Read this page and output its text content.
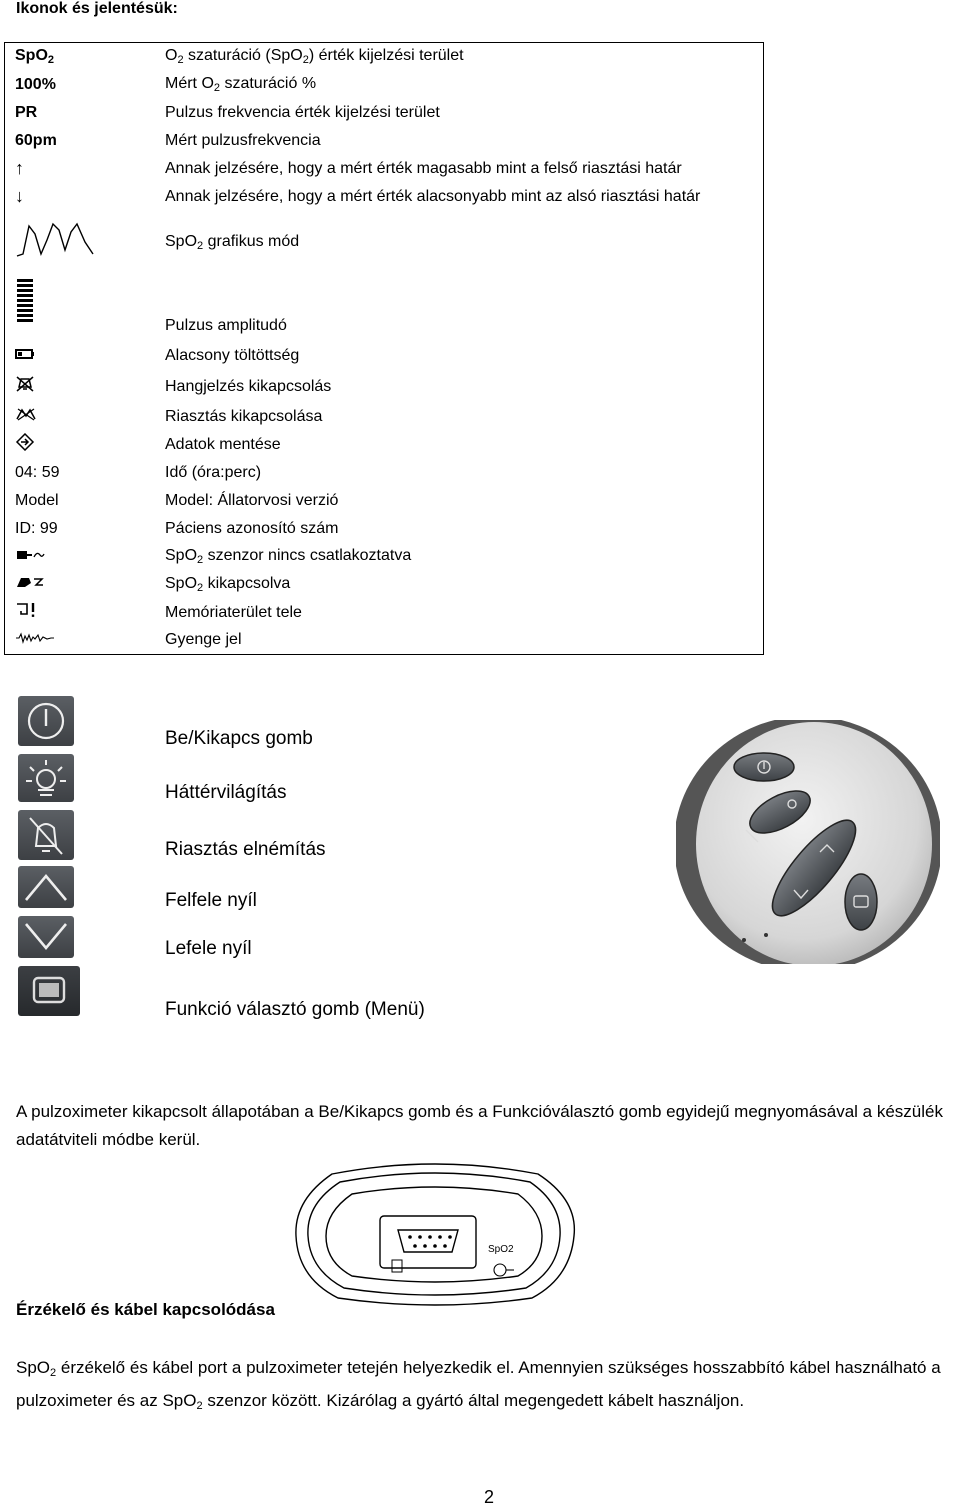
Ikonok és jelentésük:
SpO$_2$	$O_2$ szaturáció (SpO$_2$) érték kijelzési terület
100%	Mért $O_2$ szaturáció %
PR	Pulzus frekvencia érték kijelzési terület
60pm	Mért pulzusfrekvencia
↑	Annak jelzésére, hogy a mért érték magasabb mint a felső riasztási határ
↓	Annak jelzésére, hogy a mért érték alacsonyabb mint az alsó riasztási határ
	SpO$_2$ grafikus mód
	Pulzus amplitudó
	Alacsony töltöttség
	Hangjelzés kikapcsolás
	Riasztás kikapcsolása
	Adatok mentése
04: 59	Idő (óra:perc)
Model	Model: Állatorvosi verzió
ID: 99	Páciens azonosító szám
	SpO$_2$ szenzor nincs csatlakoztatva
	SpO$_2$ kikapcsolva
	Memóriaterület tele
	Gyenge jel
Be/Kikapcs gomb
Háttérvilágítás
Riasztás elnémítás
Felfele nyíl
Lefele nyíl
Funkció választó gomb (Menü)
A pulzoximeter kikapcsolt állapotában a Be/Kikapcs gomb és a Funkcióválasztó gomb egyidejű megnyomásával a készülék adatátviteli módbe kerül.
SpO2
Érzékelő és kábel kapcsolódása
SpO$_2$ érzékelő és kábel port a pulzoximeter tetején helyezkedik el. Amennyien szükséges hosszabbító kábel használható a pulzoximeter és az SpO$_2$ szenzor között. Kizárólag a gyártó által megengedett kábelt használjon.
2
